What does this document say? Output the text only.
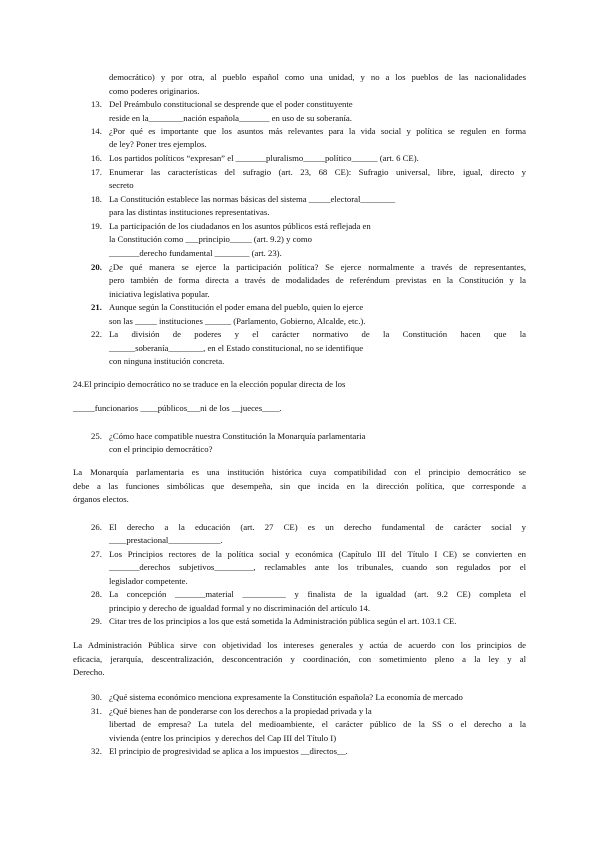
democrático) y por otra, al pueblo español como una unidad, y no a los pueblos de las nacionalidades
como poderes originarios.
13. Del Preámbulo constitucional se desprende que el poder constituyente
reside en la________nación española_______ en uso de su soberanía.
14. ¿Por qué es importante que los asuntos más relevantes para la vida social y política se regulen en forma
de ley? Poner tres ejemplos.
16. Los partidos políticos “expresan” el _______pluralismo_____político______ (art. 6 CE).
17. Enumerar las características del sufragio (art. 23, 68 CE): Sufragio universal, libre, igual, directo y
secreto
18. La Constitución establece las normas básicas del sistema _____electoral________
para las distintas instituciones representativas.
19. La participación de los ciudadanos en los asuntos públicos está reflejada en
la Constitución como ___principio_____ (art. 9.2) y como
_______derecho fundamental ________ (art. 23).
20. ¿De qué manera se ejerce la participación política? Se ejerce normalmente a través de representantes,
pero también de forma directa a través de modalidades de referéndum previstas en la Constitución y la
iniciativa legislativa popular.
21. Aunque según la Constitución el poder emana del pueblo, quien lo ejerce
son las _____ instituciones ______ (Parlamento, Gobierno, Alcalde, etc.).
22. La división de poderes y el carácter normativo de la Constitución hacen que la
______soberanía________, en el Estado constitucional, no se identifique
con ninguna institución concreta.
24.El principio democrático no se traduce en la elección popular directa de los
_____funcionarios ____públicos___ni de los __jueces____.
25. ¿Cómo hace compatible nuestra Constitución la Monarquía parlamentaria
con el principio democrático?
La Monarquía parlamentaria es una institución histórica cuya compatibilidad con el principio democrático se
debe a las funciones simbólicas que desempeña, sin que incida en la dirección política, que corresponde a
órganos electos.
26. El derecho a la educación (art. 27 CE) es un derecho fundamental de carácter social y
____prestacional____________.
27. Los Principios rectores de la política social y económica (Capítulo III del Título I CE) se convierten en
_______derechos subjetivos_________, reclamables ante los tribunales, cuando son regulados por el
legislador competente.
28. La concepción _______material __________ y finalista de la igualdad (art. 9.2 CE) completa el
principio y derecho de igualdad formal y no discriminación del artículo 14.
29. Citar tres de los principios a los que está sometida la Administración pública según el art. 103.1 CE.
La Administración Pública sirve con objetividad los intereses generales y actúa de acuerdo con los principios de
eficacia, jerarquía, descentralización, desconcentración y coordinación, con sometimiento pleno a la ley y al
Derecho.
30. ¿Qué sistema económico menciona expresamente la Constitución española? La economía de mercado
31. ¿Qué bienes han de ponderarse con los derechos a la propiedad privada y la
libertad de empresa? La tutela del medioambiente, el carácter público de la SS o el derecho a la
vivienda (entre los principios  y derechos del Cap III del Título I)
32. El principio de progresividad se aplica a los impuestos __directos__.
